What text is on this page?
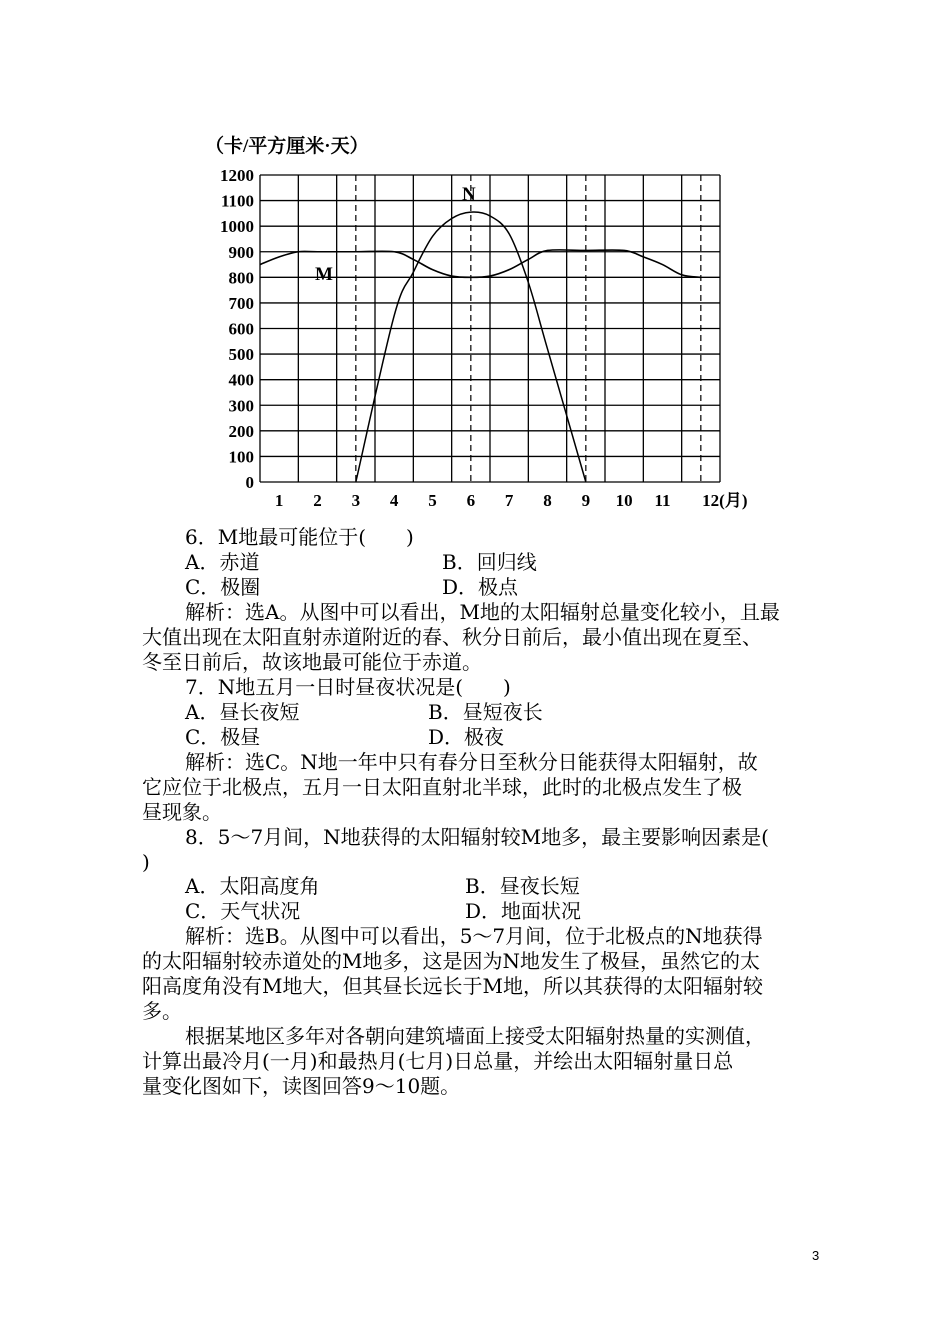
（卡/平方厘米·天）
1200
1100
1000
900
800
700
600
500
400
300
200
100
0
1 2 3 4 5 6 7 8 9 10 11 12(月)
M
N
6．M地最可能位于(　　)
A．赤道	B．回归线
C．极圈	D．极点
解析：选A。从图中可以看出，M地的太阳辐射总量变化较小，且最
大值出现在太阳直射赤道附近的春、秋分日前后，最小值出现在夏至、
冬至日前后，故该地最可能位于赤道。
7．N地五月一日时昼夜状况是(　　)
A．昼长夜短	B．昼短夜长
C．极昼	D．极夜
解析：选C。N地一年中只有春分日至秋分日能获得太阳辐射，故
它应位于北极点，五月一日太阳直射北半球，此时的北极点发生了极
昼现象。
8．5～7月间，N地获得的太阳辐射较M地多，最主要影响因素是(
)
A．太阳高度角	B．昼夜长短
C．天气状况	D．地面状况
解析：选B。从图中可以看出，5～7月间，位于北极点的N地获得
的太阳辐射较赤道处的M地多，这是因为N地发生了极昼，虽然它的太
阳高度角没有M地大，但其昼长远长于M地，所以其获得的太阳辐射较
多。
根据某地区多年对各朝向建筑墙面上接受太阳辐射热量的实测值，
计算出最冷月(一月)和最热月(七月)日总量，并绘出太阳辐射量日总
量变化图如下，读图回答9～10题。
3
